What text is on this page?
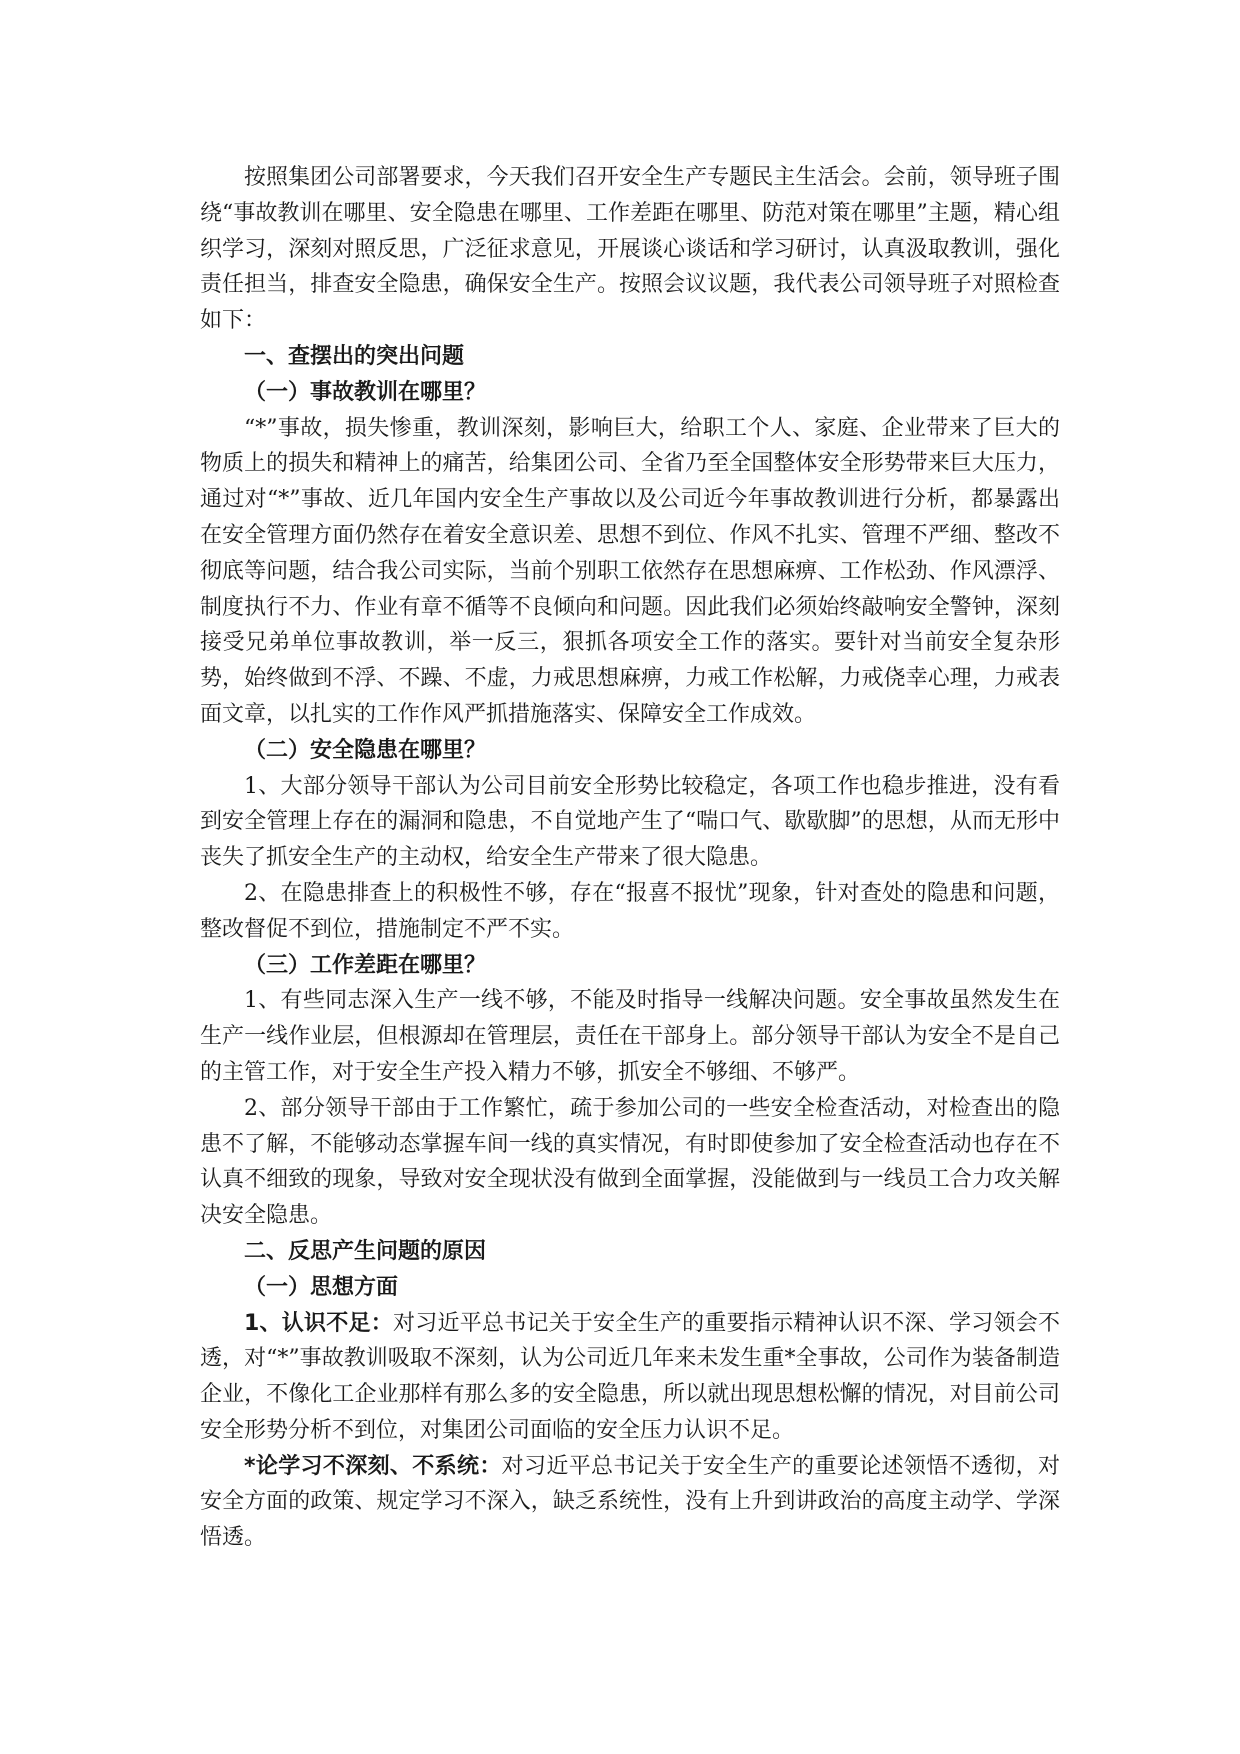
按照集团公司部署要求，今天我们召开安全生产专题民主生活会。会前，领导班子围绕“事故教训在哪里、安全隐患在哪里、工作差距在哪里、防范对策在哪里”主题，精心组织学习，深刻对照反思，广泛征求意见，开展谈心谈话和学习研讨，认真汲取教训，强化责任担当，排查安全隐患，确保安全生产。按照会议议题，我代表公司领导班子对照检查如下：

一、查摆出的突出问题

（一）事故教训在哪里？

“*”事故，损失惨重，教训深刻，影响巨大，给职工个人、家庭、企业带来了巨大的物质上的损失和精神上的痛苦，给集团公司、全省乃至全国整体安全形势带来巨大压力，通过对“*”事故、近几年国内安全生产事故以及公司近今年事故教训进行分析，都暴露出在安全管理方面仍然存在着安全意识差、思想不到位、作风不扎实、管理不严细、整改不彻底等问题，结合我公司实际，当前个别职工依然存在思想麻痹、工作松劲、作风漂浮、制度执行不力、作业有章不循等不良倾向和问题。因此我们必须始终敲响安全警钟，深刻接受兄弟单位事故教训，举一反三，狠抓各项安全工作的落实。要针对当前安全复杂形势，始终做到不浮、不躁、不虚，力戒思想麻痹，力戒工作松解，力戒侥幸心理，力戒表面文章，以扎实的工作作风严抓措施落实、保障安全工作成效。

（二）安全隐患在哪里？

1、大部分领导干部认为公司目前安全形势比较稳定，各项工作也稳步推进，没有看到安全管理上存在的漏洞和隐患，不自觉地产生了“喘口气、歇歇脚”的思想，从而无形中丧失了抓安全生产的主动权，给安全生产带来了很大隐患。

2、在隐患排查上的积极性不够，存在“报喜不报忧”现象，针对查处的隐患和问题，整改督促不到位，措施制定不严不实。

（三）工作差距在哪里？

1、有些同志深入生产一线不够，不能及时指导一线解决问题。安全事故虽然发生在生产一线作业层，但根源却在管理层，责任在干部身上。部分领导干部认为安全不是自己的主管工作，对于安全生产投入精力不够，抓安全不够细、不够严。

2、部分领导干部由于工作繁忙，疏于参加公司的一些安全检查活动，对检查出的隐患不了解，不能够动态掌握车间一线的真实情况，有时即使参加了安全检查活动也存在不认真不细致的现象，导致对安全现状没有做到全面掌握，没能做到与一线员工合力攻关解决安全隐患。

二、反思产生问题的原因

（一）思想方面

1、认识不足：对习近平总书记关于安全生产的重要指示精神认识不深、学习领会不透，对“*”事故教训吸取不深刻，认为公司近几年来未发生重*全事故，公司作为装备制造企业，不像化工企业那样有那么多的安全隐患，所以就出现思想松懈的情况，对目前公司安全形势分析不到位，对集团公司面临的安全压力认识不足。

*论学习不深刻、不系统：对习近平总书记关于安全生产的重要论述领悟不透彻，对安全方面的政策、规定学习不深入，缺乏系统性，没有上升到讲政治的高度主动学、学深悟透。
